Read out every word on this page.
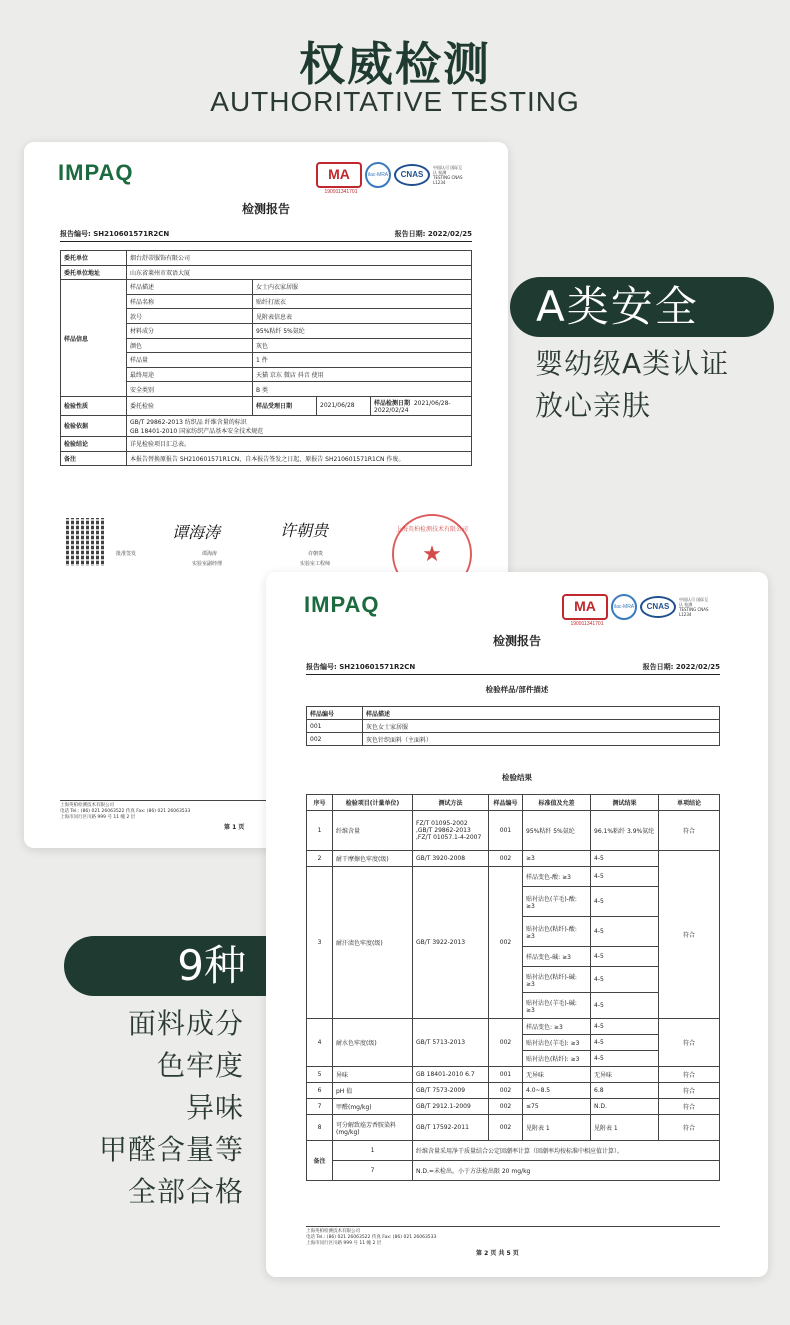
权威检测
AUTHORITATIVE TESTING
IMPAQ	MA
190911341701
ilac-MRA	CNAS
中国认可 国际互认 检测 TESTING CNAS L1234
检测报告
报告编号: SH210601571R2CN	报告日期: 2022/02/25
委托单位	烟台舒蒂服饰有限公司			
委托单位地址	山东省莱州市双语大厦			
样品信息	样品描述	女士内衣家居服		
	样品名称	贴纤打底衣		
	款号	见附表信息表		
	材料成分	95%粘纤 5%氨纶		
	颜色	灰色		
	样品量	1 件		
	最终用途	天猫 京东 微店 抖音 使用		
	安全类别	B 类		
检验性质	委托检验	样品受理日期	2021/06/28	样品检测日期 2021/06/28-2022/02/24
检验依据	GB/T 29862-2013 纺织品 纤维含量的标识
GB 18401-2010 国家纺织产品基本安全技术规范			

检验结论	详见检验项目汇总表。			
备注	本报告替换原报告 SH210601571R1CN，自本报告签发之日起，原报告 SH210601571R1CN 作废。			
批准签发
谭海涛
谭海涛
实验室副经理
许朝贵
许朝贵
实验室工程师
上海英柏检测技术有限公司
★
上海英柏检测技术有限公司
电话 Tel.: (86) 021 26063522 传真 Fax: (86) 021 26063533
上海市闵行区川路 999 号 11 幢 2 层
第 1 页
A类安全
婴幼级A类认证
放心亲肤
IMPAQ	MA
190911341701
ilac-MRA	CNAS
中国认可 国际互认 检测 TESTING CNAS L1234
检测报告
报告编号: SH210601571R2CN	报告日期: 2022/02/25
检验样品/部件描述
样品编号	样品描述
001	灰色女士家居服
002	灰色针织面料（主面料）
检验结果
序号	检验项目(计量单位)	测试方法	样品编号	标准值及允差	测试结果	单项结论
1	纤维含量	FZ/T 01095-2002 ,GB/T 29862-2013 ,FZ/T 01057.1-4-2007	001	95%粘纤 5%氨纶	96.1%粘纤 3.9%氨纶	符合
2	耐干摩擦色牢度(级)	GB/T 3920-2008	002	≥3	4-5	符合
3	耐汗渍色牢度(级)	GB/T 3922-2013	002	样品变色-酸: ≥3	4-5	
				贴衬沾色(羊毛)-酸: ≥3	4-5	
				贴衬沾色(粘纤)-酸: ≥3	4-5	
				样品变色-碱: ≥3	4-5	
				贴衬沾色(粘纤)-碱: ≥3	4-5	
				贴衬沾色(羊毛)-碱: ≥3	4-5	
4	耐水色牢度(级)	GB/T 5713-2013	002	样品变色: ≥3	4-5	符合
				贴衬沾色(羊毛): ≥3	4-5	
				贴衬沾色(粘纤): ≥3	4-5	
5	异味	GB 18401-2010 6.7	001	无异味	无异味	符合
6	pH 值	GB/T 7573-2009	002	4.0~8.5	6.8	符合
7	甲醛(mg/kg)	GB/T 2912.1-2009	002	≤75	N.D.	符合
8	可分解致癌芳香胺染料(mg/kg)	GB/T 17592-2011	002	见附表 1	见附表 1	符合
备注	1	纤维含量采用净干质量结合公定回潮率计算（回潮率均按标准中相应值计算）。				
	7	N.D.=未检出，小于方法检出限 20 mg/kg				
上海英柏检测技术有限公司
电话 Tel.: (86) 021 26063522 传真 Fax: (86) 021 26063533
上海市闵行区川路 999 号 11 幢 2 层
第 2 页 共 5 页
9种
面料成分
色牢度
异味
甲醛含量等
全部合格
